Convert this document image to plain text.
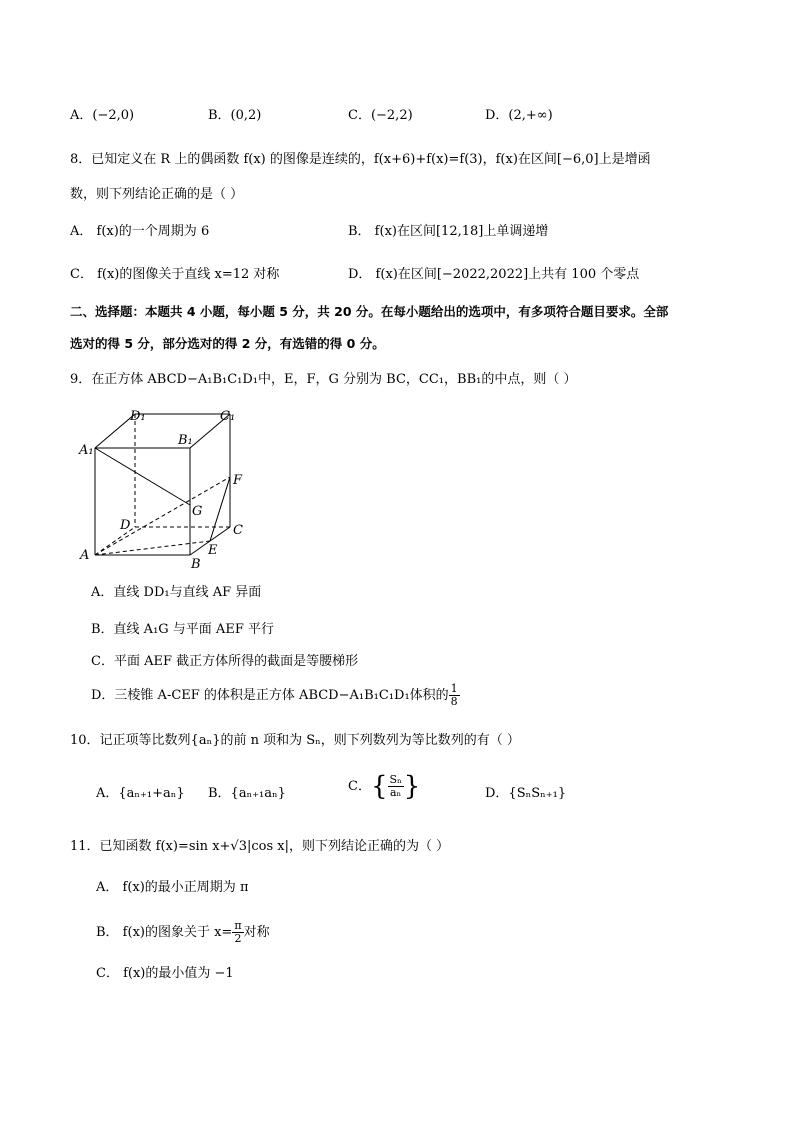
A．(−2,0)	B．(0,2)	C．(−2,2)	D．(2,+∞)
8．已知定义在 R 上的偶函数 f(x) 的图像是连续的，f(x+6)+f(x)=f(3)，f(x)在区间[−6,0]上是增函
数，则下列结论正确的是（ ）
A． f(x)的一个周期为 6	B． f(x)在区间[12,18]上单调递增
C． f(x)的图像关于直线 x=12 对称	D． f(x)在区间[−2022,2022]上共有 100 个零点
二、选择题：本题共 4 小题，每小题 5 分，共 20 分。在每小题给出的选项中，有多项符合题目要求。全部
选对的得 5 分，部分选对的得 2 分，有选错的得 0 分。
9．在正方体 ABCD−A₁B₁C₁D₁中，E，F，G 分别为 BC，CC₁，BB₁的中点，则（ ）
A₁
D₁	C₁
B₁
F
G
D	C
E
A
B
A．直线 DD₁与直线 AF 异面
B．直线 A₁G 与平面 AEF 平行
C．平面 AEF 截正方体所得的截面是等腰梯形
D．三棱锥 A-CEF 的体积是正方体 ABCD−A₁B₁C₁D₁体积的 $\frac{1}{8}$
10．记正项等比数列{aₙ}的前 n 项和为 Sₙ，则下列数列为等比数列的有（ ）
A．{aₙ₊₁+aₙ} B．{aₙ₊₁aₙ}	C．{ $\frac{\text{Sₙ}}{\text{aₙ}}$ }	D．{SₙSₙ₊₁}
11．已知函数 f(x)=sin x+√3|cos x|，则下列结论正确的为（ ）
A． f(x)的最小正周期为 π
B． f(x)的图象关于 $x= \frac{\pi}{2}$ 对称
C． f(x)的最小值为 −1
